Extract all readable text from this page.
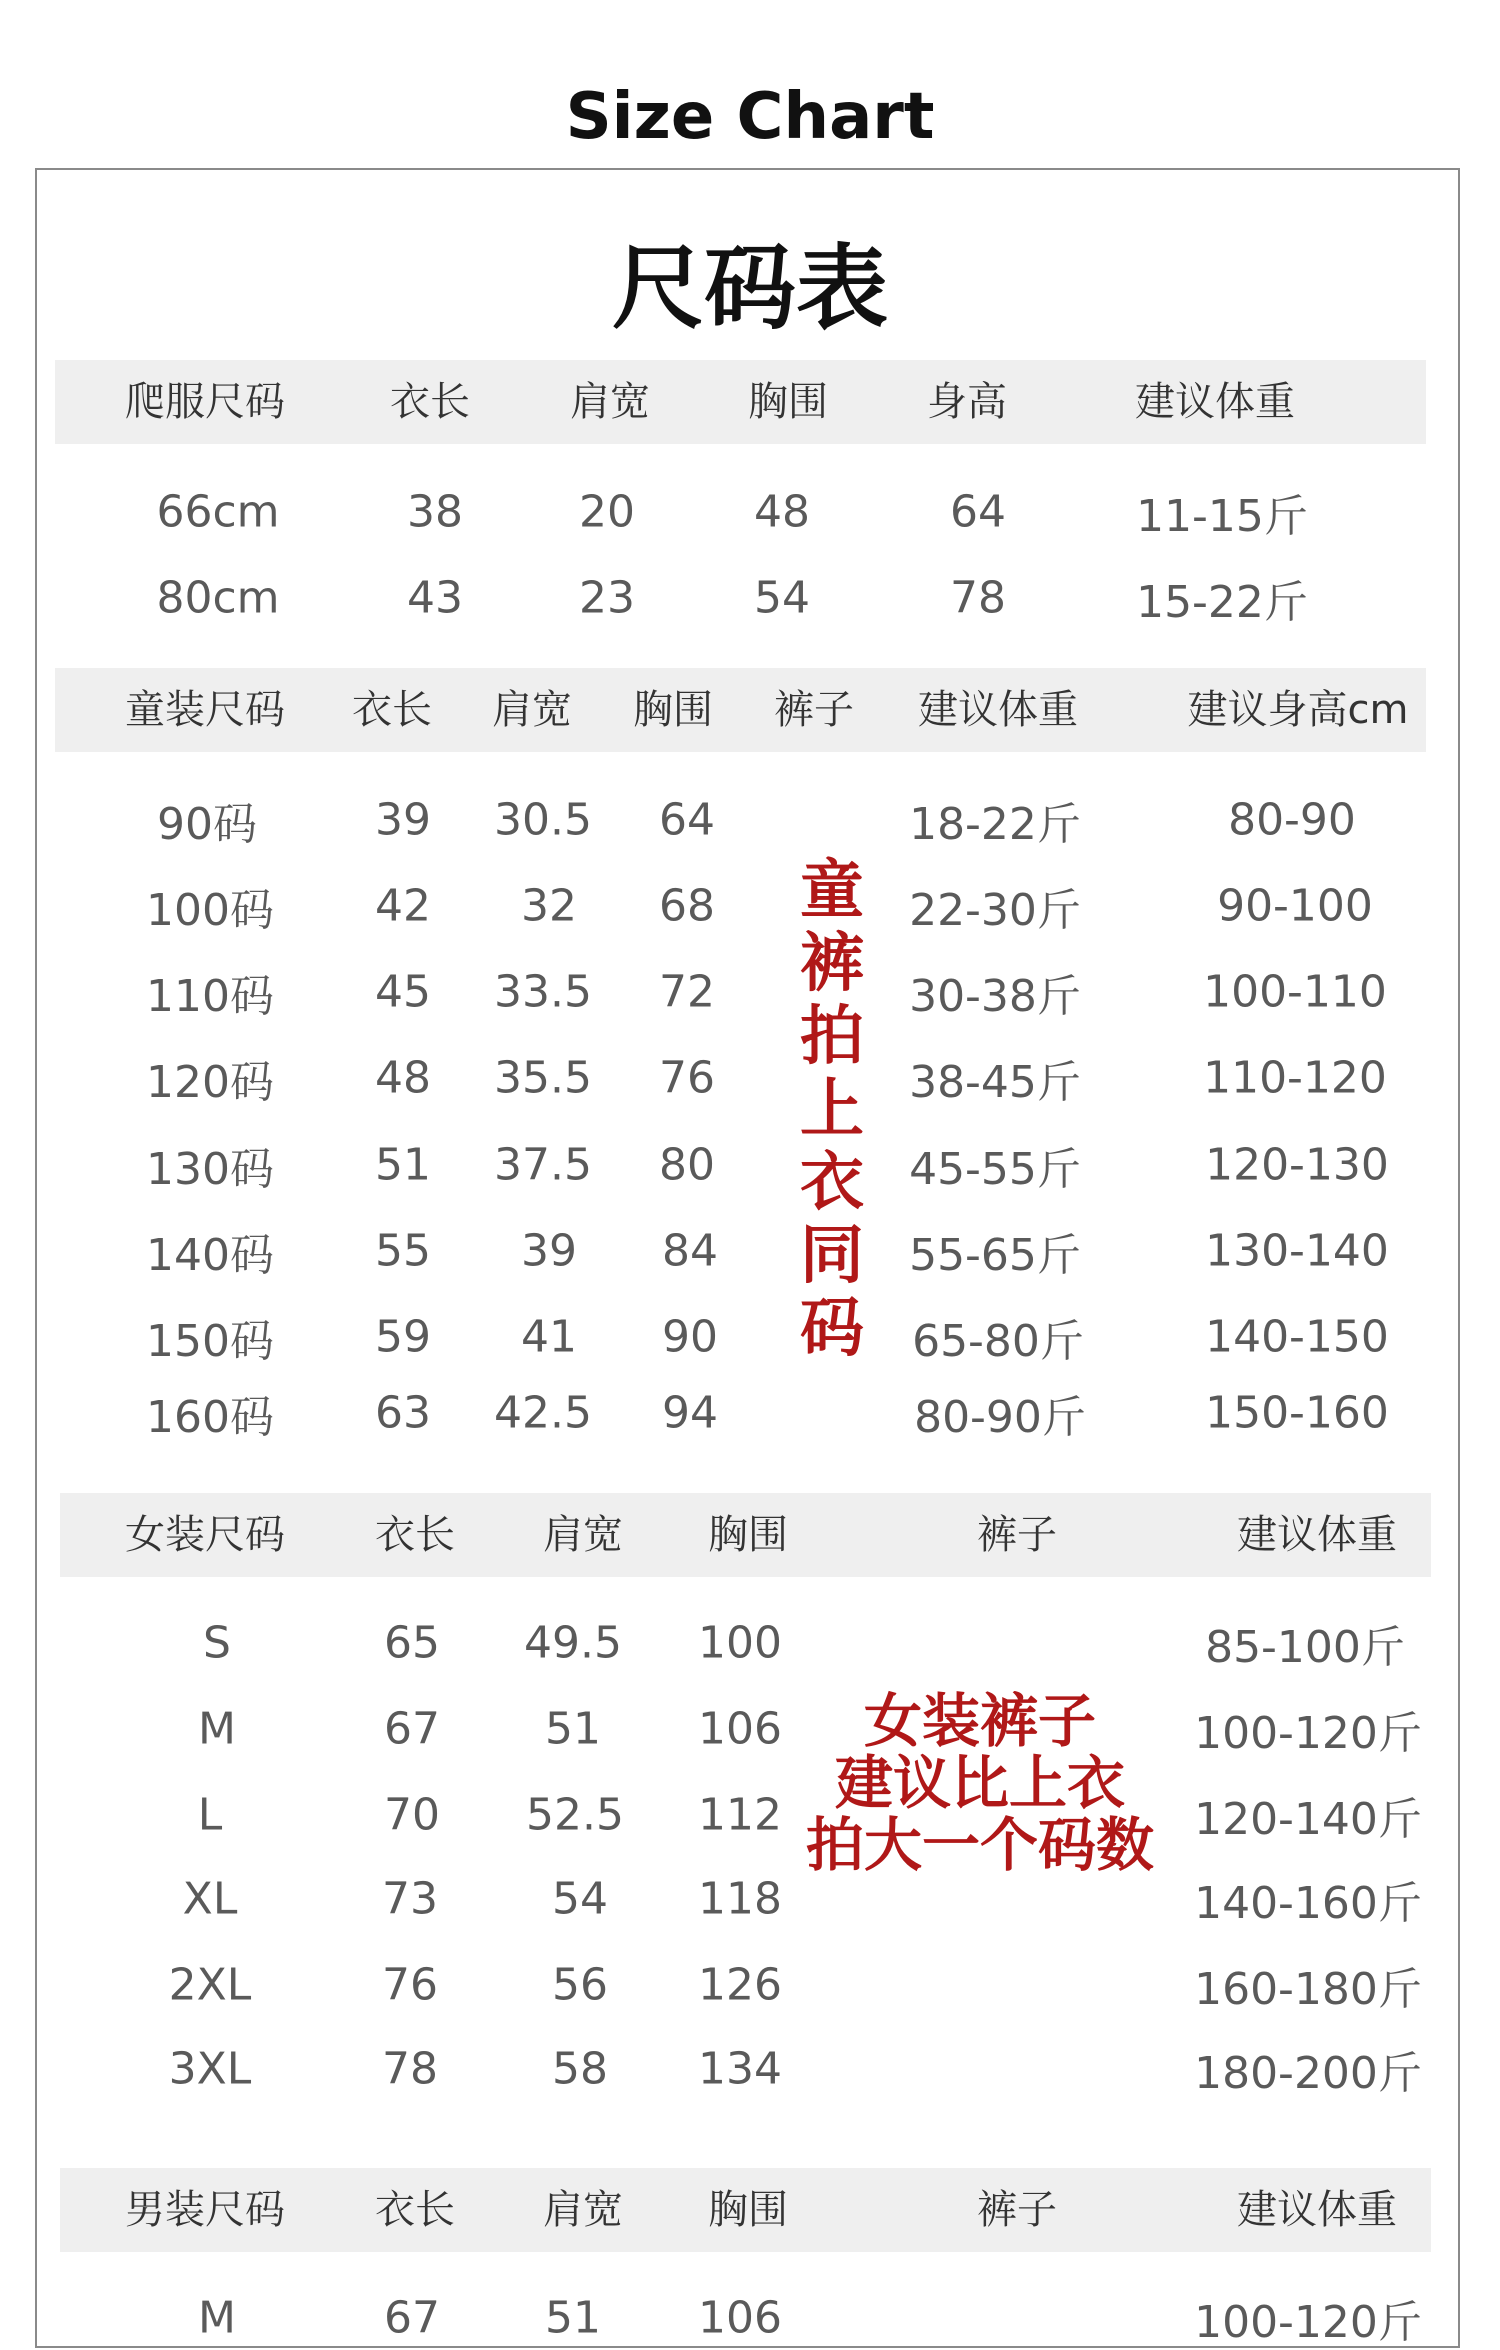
Size Chart
尺码表
爬服尺码	衣长	肩宽 胸围 身高	建议体重
66cm	38	20	48	64	11-15斤
80cm	43	23	54	78	15-22斤
童装尺码 衣长 肩宽 胸围 裤子 建议体重	建议身高cm
90码	39 30.5 64	18-22斤	80-90
100码 42 32 68	22-30斤	90-100
110码 45 33.5 72	30-38斤	100-110
120码 48 35.5 76	38-45斤	110-120
130码 51 37.5 80	45-55斤	120-130
140码 55 39 84	55-65斤	130-140
150码 59 41 90	65-80斤	140-150
160码 63 42.5 94	80-90斤	150-160
童
裤
拍
上
衣
同
码
女装尺码 衣长 肩宽 胸围	裤子	建议体重
S	65 49.5 100	85-100斤
M	67 51 106	100-120斤
L	70 52.5 112	120-140斤
XL	73	54 118	140-160斤
2XL	76	56 126	160-180斤
3XL	78	58 134	180-200斤
女装裤子
建议比上衣
拍大一个码数
男装尺码 衣长 肩宽 胸围	裤子	建议体重
M	67 51 106	100-120斤
